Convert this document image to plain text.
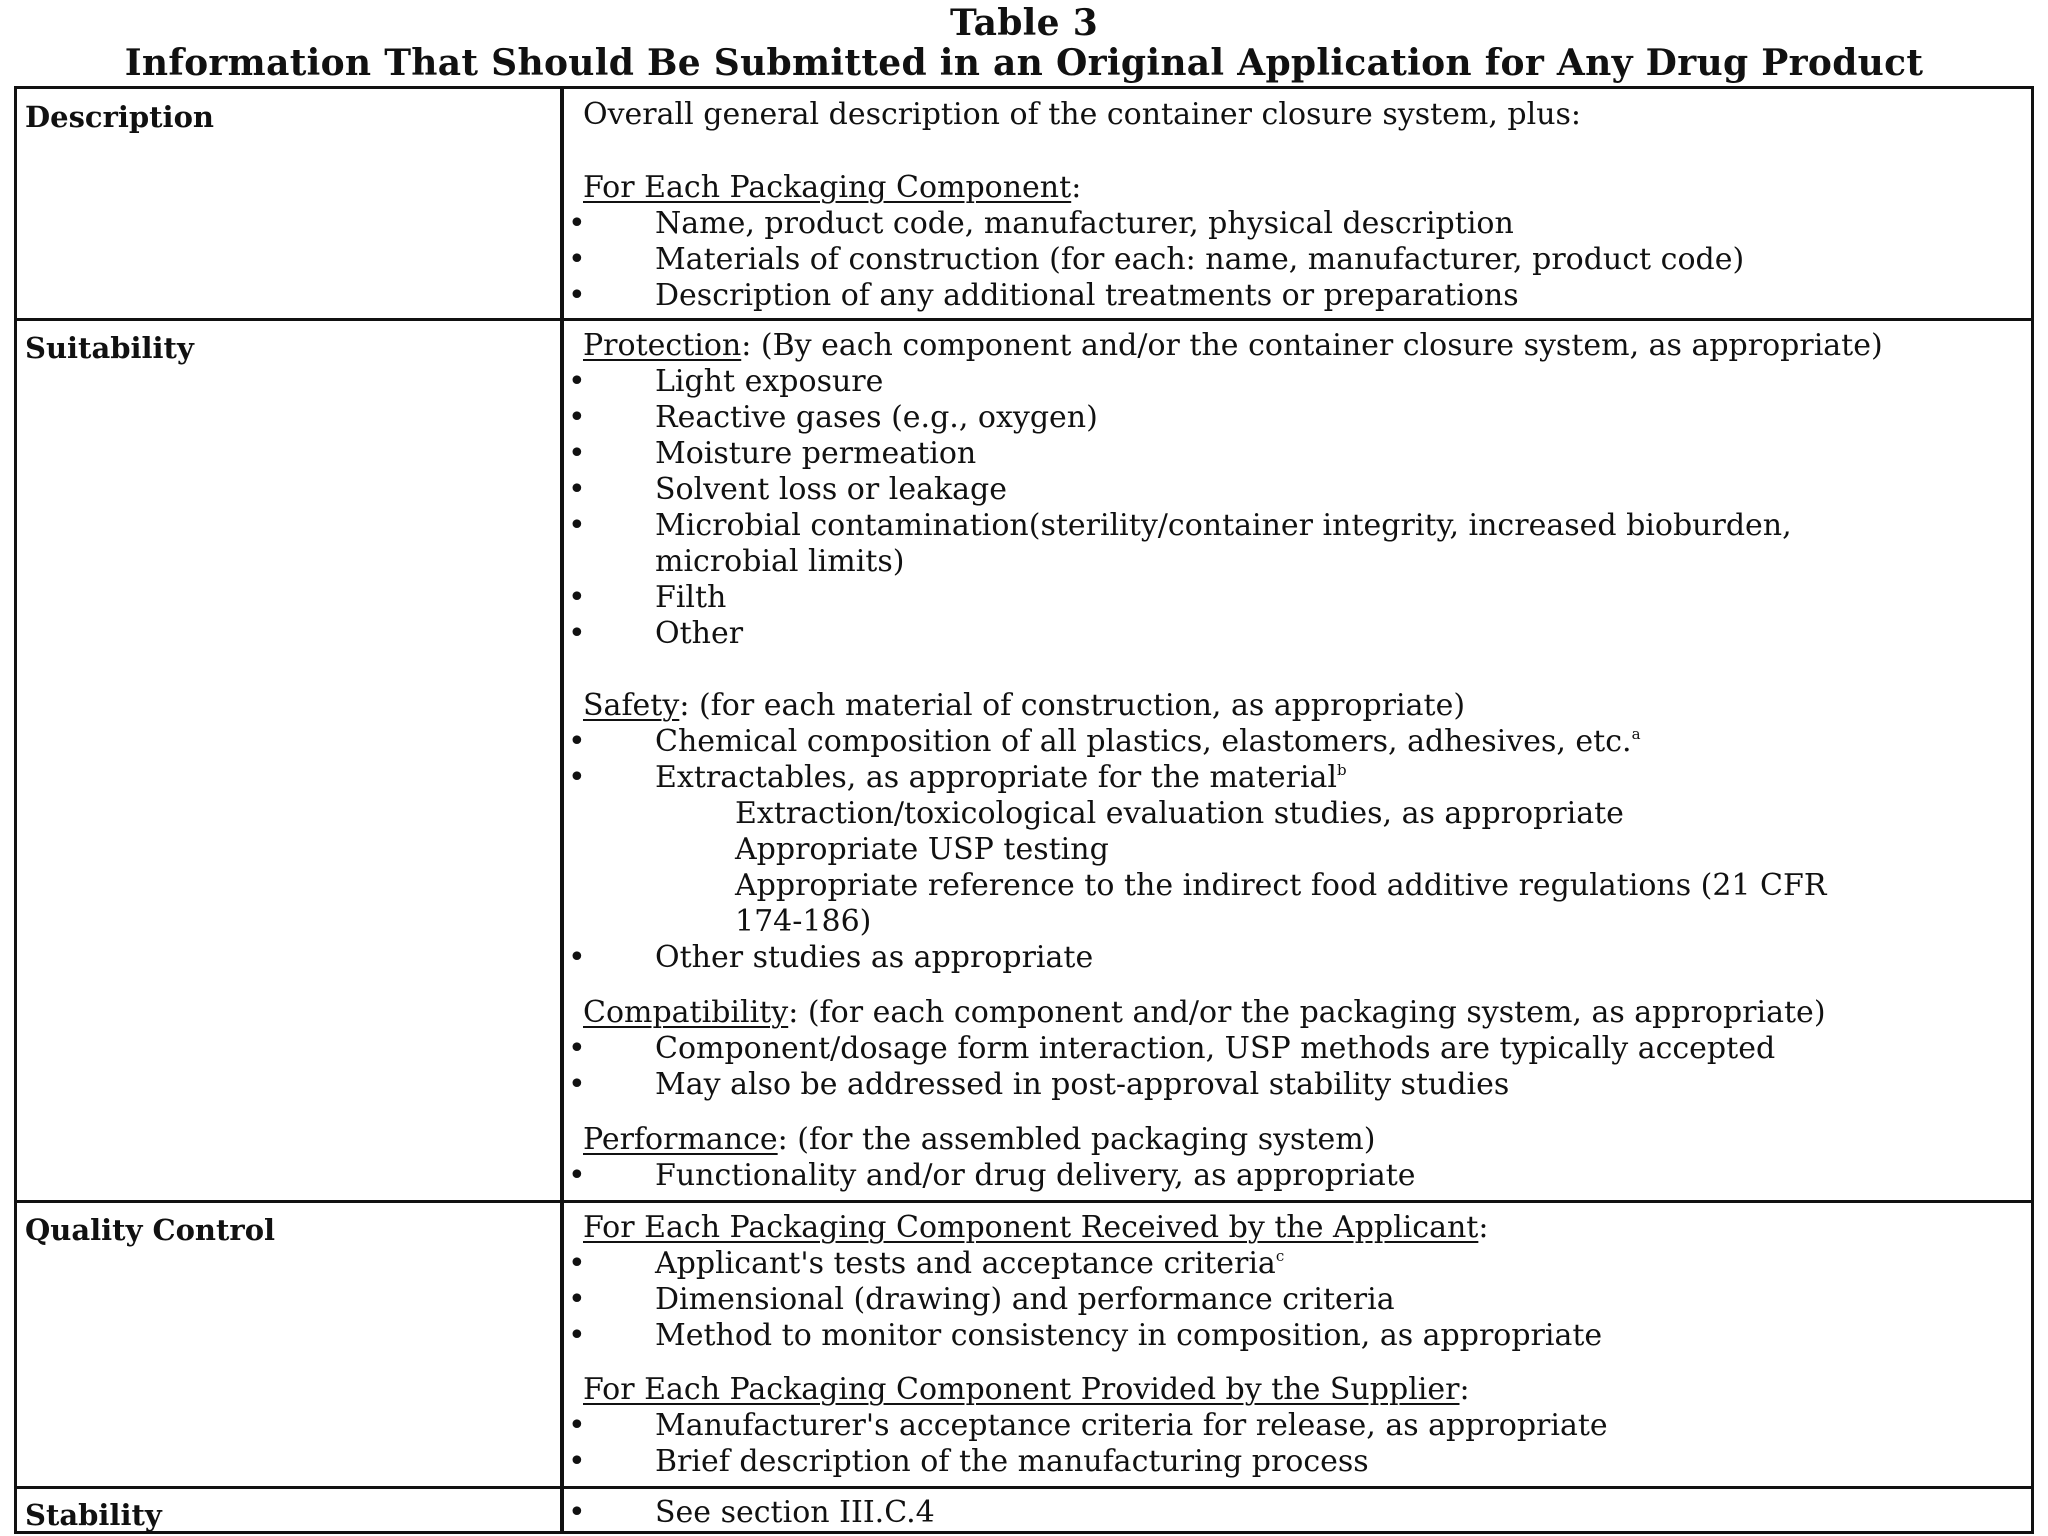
Table 3
Information That Should Be Submitted in an Original Application for Any Drug Product
Description
Suitability
Quality Control
Stability
Overall general description of the container closure system, plus:
For Each Packaging Component:
• Name, product code, manufacturer, physical description
• Materials of construction (for each: name, manufacturer, product code)
• Description of any additional treatments or preparations
Protection: (By each component and/or the container closure system, as appropriate)
• Light exposure
• Reactive gases (e.g., oxygen)
• Moisture permeation
• Solvent loss or leakage
• Microbial contamination(sterility/container integrity, increased bioburden,
microbial limits)
• Filth
• Other
Safety: (for each material of construction, as appropriate)
• Chemical composition of all plastics, elastomers, adhesives, etc.$^a$
• Extractables, as appropriate for the material$^b$
Extraction/toxicological evaluation studies, as appropriate
Appropriate USP testing
Appropriate reference to the indirect food additive regulations (21 CFR
174-186)
• Other studies as appropriate
Compatibility: (for each component and/or the packaging system, as appropriate)
• Component/dosage form interaction, USP methods are typically accepted
• May also be addressed in post-approval stability studies
Performance: (for the assembled packaging system)
• Functionality and/or drug delivery, as appropriate
For Each Packaging Component Received by the Applicant:
• Applicant's tests and acceptance criteria$^c$
• Dimensional (drawing) and performance criteria
• Method to monitor consistency in composition, as appropriate
For Each Packaging Component Provided by the Supplier:
• Manufacturer's acceptance criteria for release, as appropriate
• Brief description of the manufacturing process
• See section III.C.4
